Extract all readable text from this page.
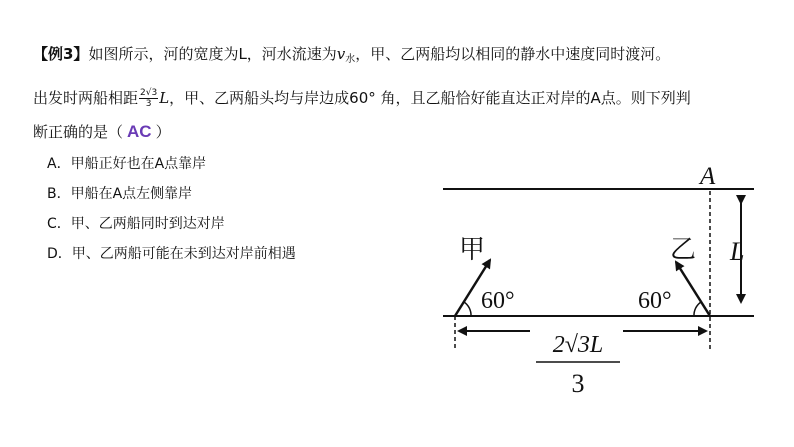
【例3】如图所示，河的宽度为L，河水流速为$v_水$，甲、乙两船均以相同的静水中速度同时渡河。
出发时两船相距 $\frac{2√3}{3}$ L，甲、乙两船头均与岸边成60° 角，且乙船恰好能直达正对岸的A点。则下列判
断正确的是（ AC ）
A．甲船正好也在A点靠岸
B．甲船在A点左侧靠岸
C．甲、乙两船同时到达对岸
D．甲、乙两船可能在未到达对岸前相遇
A
甲	乙
60°	60°
L
2√3L
3
